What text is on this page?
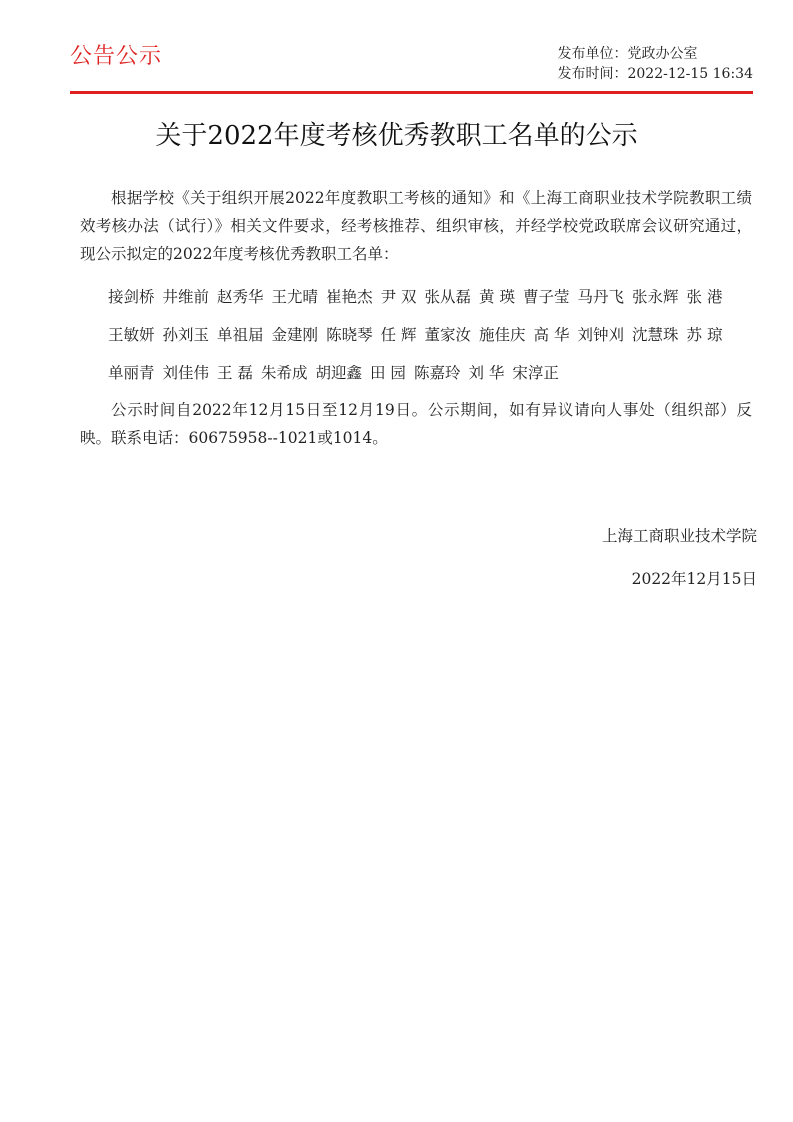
公告公示	发布单位：党政办公室
发布时间：2022-12-15 16:34
关于2022年度考核优秀教职工名单的公示

根据学校《关于组织开展2022年度教职工考核的通知》和《上海工商职业技术学院教职工绩效考核办法（试行）》相关文件要求，经考核推荐、组织审核，并经学校党政联席会议研究通过，现公示拟定的2022年度考核优秀教职工名单：

接剑桥 井维前 赵秀华 王尤晴 崔艳杰 尹 双 张从磊 黄 瑛 曹子莹 马丹飞 张永辉 张 港
王敏妍 孙刘玉 单祖届 金建刚 陈晓琴 任 辉 董家汝 施佳庆 高 华 刘钟刈 沈慧珠 苏 琼
单丽青 刘佳伟 王 磊 朱希成 胡迎鑫 田 园 陈嘉玲 刘 华 宋淳正

公示时间自2022年12月15日至12月19日。公示期间，如有异议请向人事处（组织部）反映。联系电话：60675958--1021或1014。

上海工商职业技术学院
2022年12月15日
